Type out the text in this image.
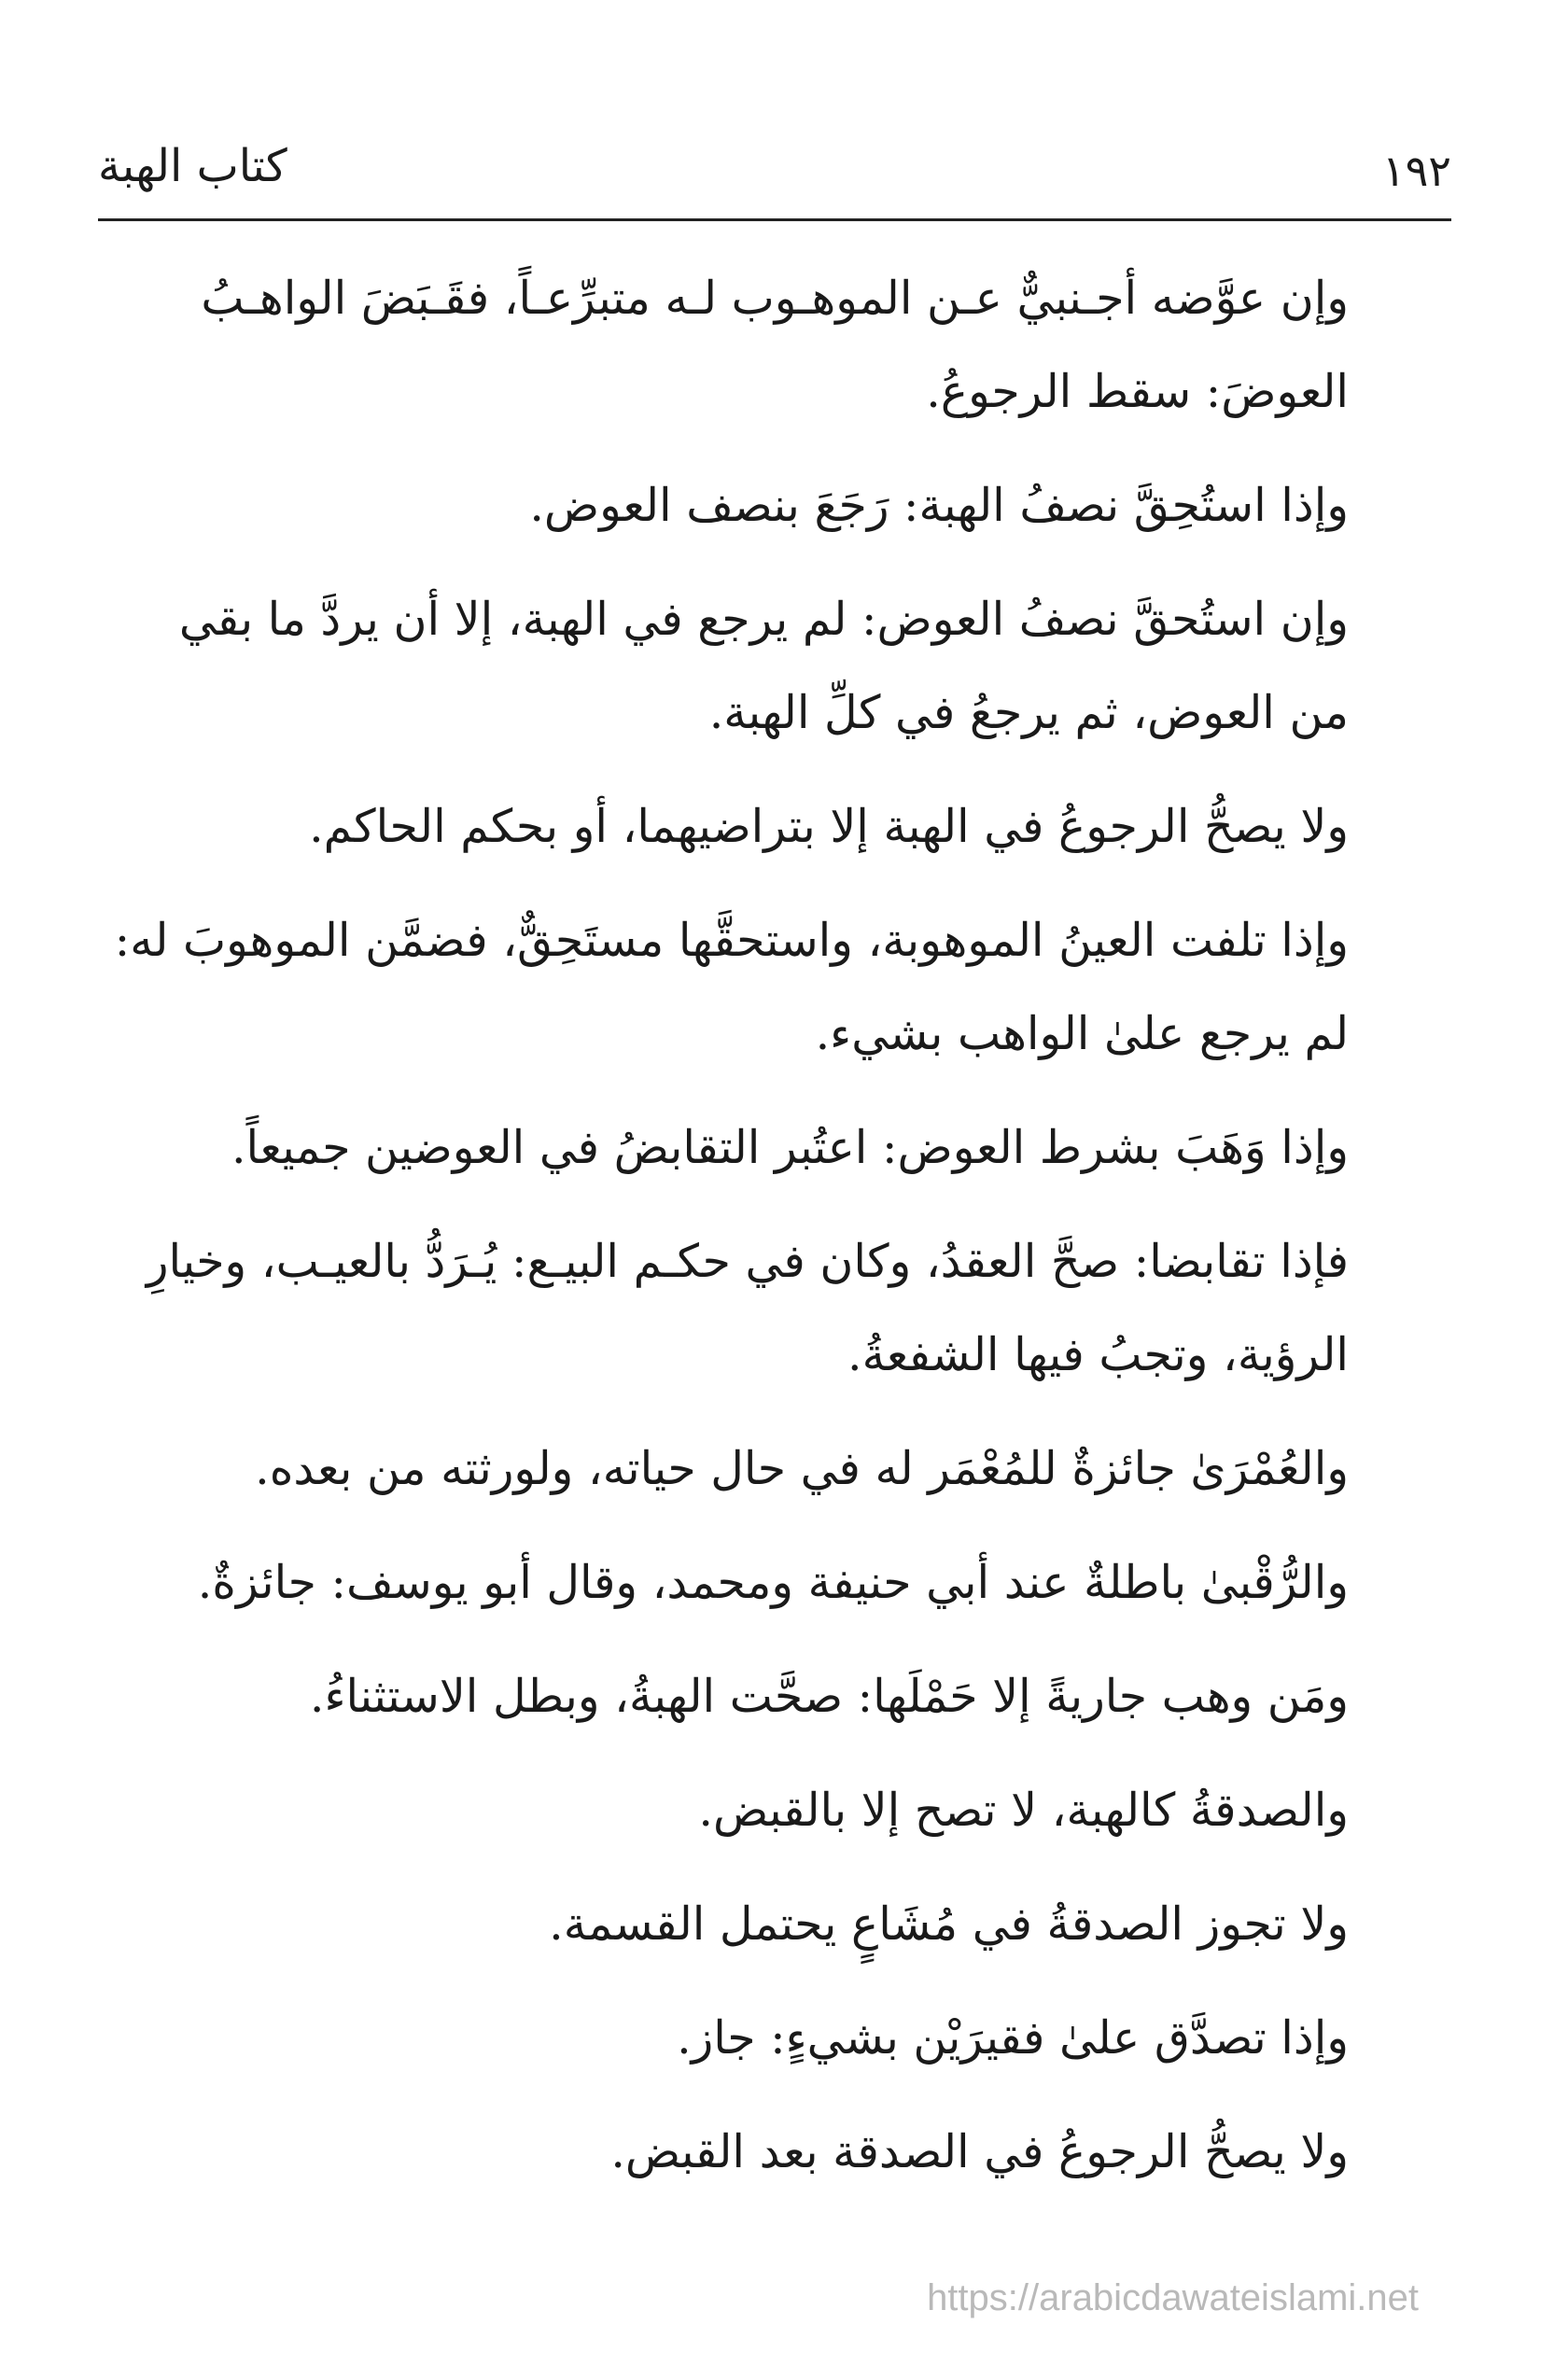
١٩٢
كتاب الهبة

وإن عوَّضه أجـنبيٌّ عـن الموهـوب لـه متبرِّعـاً، فقَـبَضَ الواهـبُ العوضَ: سقط الرجوعُ.

وإذا استُحِقَّ نصفُ الهبة: رَجَعَ بنصف العوض.

وإن استُحقَّ نصفُ العوض: لم يرجع في الهبة، إلا أن يردَّ ما بقي من العوض، ثم يرجعُ في كلِّ الهبة.

ولا يصحُّ الرجوعُ في الهبة إلا بتراضيهما، أو بحكم الحاكم.

وإذا تلفت العينُ الموهوبة، واستحقَّها مستَحِقٌّ، فضمَّن الموهوبَ له: لم يرجع علىٰ الواهب بشيء.

وإذا وَهَبَ بشرط العوض: اعتُبر التقابضُ في العوضين جميعاً.

فإذا تقابضا: صحَّ العقدُ، وكان في حكـم البيـع: يُـرَدُّ بالعيـب، وخيارِ الرؤية، وتجبُ فيها الشفعةُ.

والعُمْرَىٰ جائزةٌ للمُعْمَر له في حال حياته، ولورثته من بعده.

والرُّقْبىٰ باطلةٌ عند أبي حنيفة ومحمد، وقال أبو يوسف: جائزةٌ.

ومَن وهب جاريةً إلا حَمْلَها: صحَّت الهبةُ، وبطل الاستثناءُ.

والصدقةُ كالهبة، لا تصح إلا بالقبض.

ولا تجوز الصدقةُ في مُشَاعٍ يحتمل القسمة.

وإذا تصدَّق علىٰ فقيرَيْن بشيءٍ: جاز.

ولا يصحُّ الرجوعُ في الصدقة بعد القبض.

https://arabicdawateislami.net
